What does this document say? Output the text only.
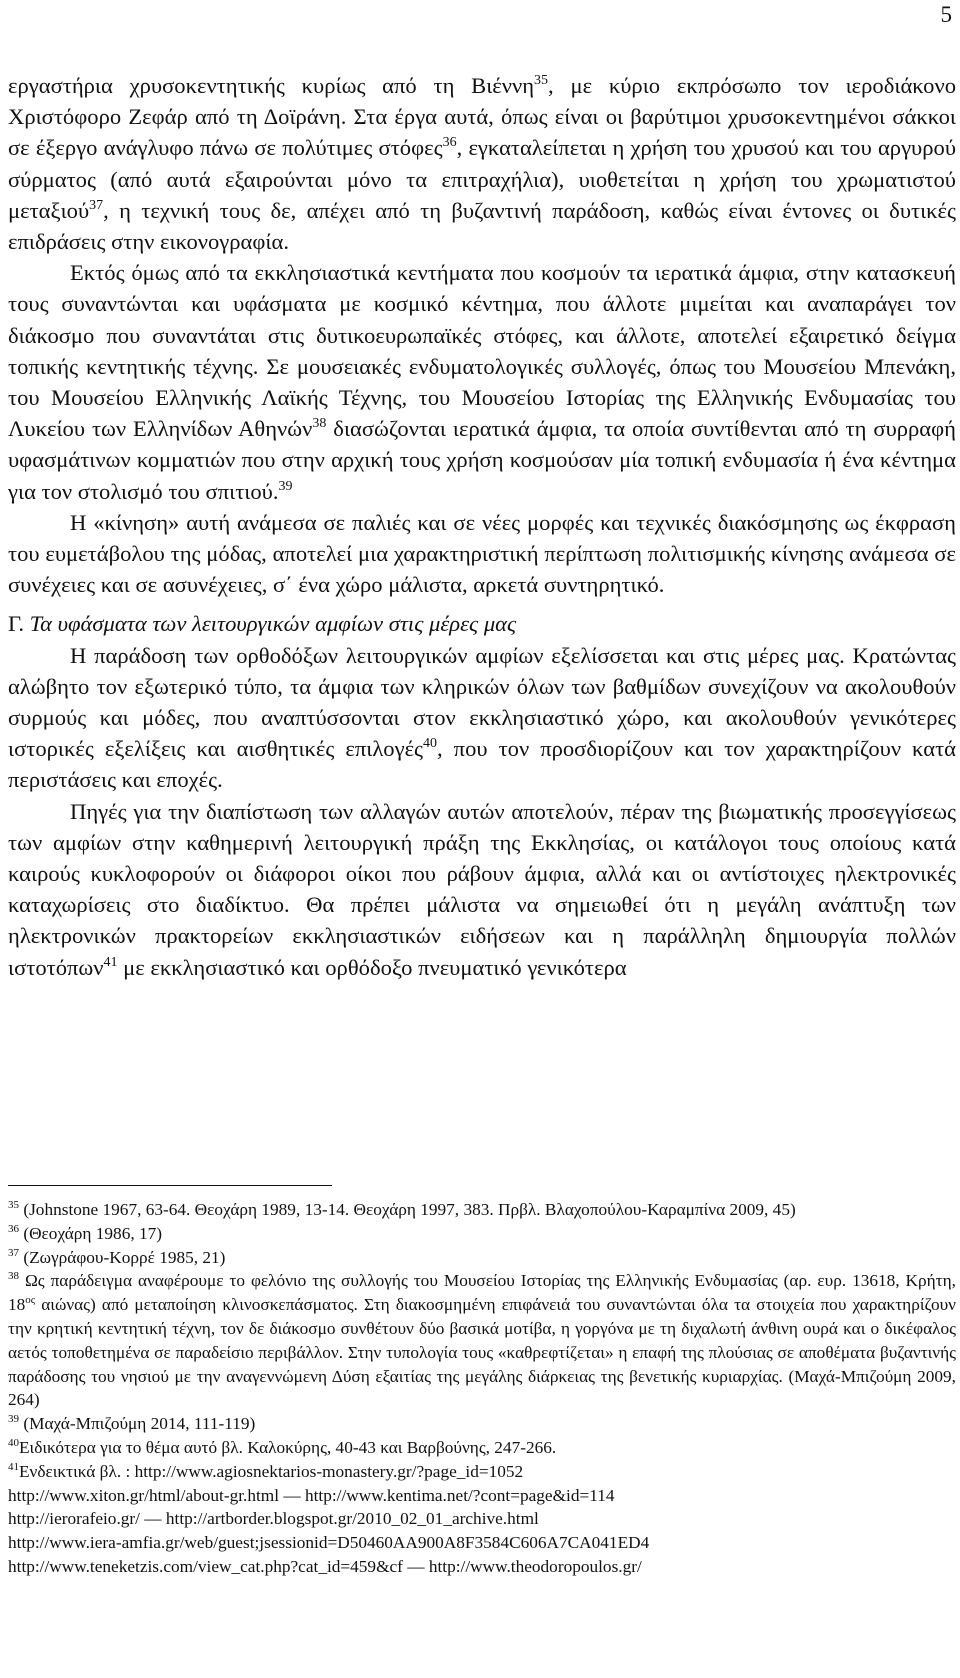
5

εργαστήρια χρυσοκεντητικής κυρίως από τη Βιέννη$^{35}$, με κύριο εκπρόσωπο τον ιεροδιάκονο Χριστόφορο Ζεφάρ από τη Δοϊράνη. Στα έργα αυτά, όπως είναι οι βαρύτιμοι χρυσοκεντημένοι σάκκοι σε έξεργο ανάγλυφο πάνω σε πολύτιμες στόφες$^{36}$, εγκαταλείπεται η χρήση του χρυσού και του αργυρού σύρματος (από αυτά εξαιρούνται μόνο τα επιτραχήλια), υιοθετείται η χρήση του χρωματιστού μεταξιού$^{37}$, η τεχνική τους δε, απέχει από τη βυζαντινή παράδοση, καθώς είναι έντονες οι δυτικές επιδράσεις στην εικονογραφία.

Εκτός όμως από τα εκκλησιαστικά κεντήματα που κοσμούν τα ιερατικά άμφια, στην κατασκευή τους συναντώνται και υφάσματα με κοσμικό κέντημα, που άλλοτε μιμείται και αναπαράγει τον διάκοσμο που συναντάται στις δυτικοευρωπαϊκές στόφες, και άλλοτε, αποτελεί εξαιρετικό δείγμα τοπικής κεντητικής τέχνης. Σε μουσειακές ενδυματολογικές συλλογές, όπως του Μουσείου Μπενάκη, του Μουσείου Ελληνικής Λαϊκής Τέχνης, του Μουσείου Ιστορίας της Ελληνικής Ενδυμασίας του Λυκείου των Ελληνίδων Αθηνών$^{38}$ διασώζονται ιερατικά άμφια, τα οποία συντίθενται από τη συρραφή υφασμάτινων κομματιών που στην αρχική τους χρήση κοσμούσαν μία τοπική ενδυμασία ή ένα κέντημα για τον στολισμό του σπιτιού.$^{39}$

Η «κίνηση» αυτή ανάμεσα σε παλιές και σε νέες μορφές και τεχνικές διακόσμησης ως έκφραση του ευμετάβολου της μόδας, αποτελεί μια χαρακτηριστική περίπτωση πολιτισμικής κίνησης ανάμεσα σε συνέχειες και σε ασυνέχειες, σ΄ ένα χώρο μάλιστα, αρκετά συντηρητικό.

Γ. Τα υφάσματα των λειτουργικών αμφίων στις μέρες μας

Η παράδοση των ορθοδόξων λειτουργικών αμφίων εξελίσσεται και στις μέρες μας. Κρατώντας αλώβητο τον εξωτερικό τύπο, τα άμφια των κληρικών όλων των βαθμίδων συνεχίζουν να ακολουθούν συρμούς και μόδες, που αναπτύσσονται στον εκκλησιαστικό χώρο, και ακολουθούν γενικότερες ιστορικές εξελίξεις και αισθητικές επιλογές$^{40}$, που τον προσδιορίζουν και τον χαρακτηρίζουν κατά περιστάσεις και εποχές.

Πηγές για την διαπίστωση των αλλαγών αυτών αποτελούν, πέραν της βιωματικής προσεγγίσεως των αμφίων στην καθημερινή λειτουργική πράξη της Εκκλησίας, οι κατάλογοι τους οποίους κατά καιρούς κυκλοφορούν οι διάφοροι οίκοι που ράβουν άμφια, αλλά και οι αντίστοιχες ηλεκτρονικές καταχωρίσεις στο διαδίκτυο. Θα πρέπει μάλιστα να σημειωθεί ότι η μεγάλη ανάπτυξη των ηλεκτρονικών πρακτορείων εκκλησιαστικών ειδήσεων και η παράλληλη δημιουργία πολλών ιστοτόπων$^{41}$ με εκκλησιαστικό και ορθόδοξο πνευματικό γενικότερα

$^{35}$ (Johnstone 1967, 63-64. Θεοχάρη 1989, 13-14. Θεοχάρη 1997, 383. Πρβλ. Βλαχοπούλου-Καραμπίνα 2009, 45)

$^{36}$ (Θεοχάρη 1986, 17)

$^{37}$ (Ζωγράφου-Κορρέ 1985, 21)

$^{38}$ Ως παράδειγμα αναφέρουμε το φελόνιο της συλλογής του Μουσείου Ιστορίας της Ελληνικής Ενδυμασίας (αρ. ευρ. 13618, Κρήτη, $18^{o\varsigma}$ αιώνας) από μεταποίηση κλινοσκεπάσματος. Στη διακοσμημένη επιφάνειά του συναντώνται όλα τα στοιχεία που χαρακτηρίζουν την κρητική κεντητική τέχνη, τον δε διάκοσμο συνθέτουν δύο βασικά μοτίβα, η γοργόνα με τη διχαλωτή άνθινη ουρά και ο δικέφαλος αετός τοποθετημένα σε παραδείσιο περιβάλλον. Στην τυπολογία τους «καθρεφτίζεται» η επαφή της πλούσιας σε αποθέματα βυζαντινής παράδοσης του νησιού με την αναγεννώμενη Δύση εξαιτίας της μεγάλης διάρκειας της βενετικής κυριαρχίας. (Μαχά-Μπιζούμη 2009, 264)

$^{39}$ (Μαχά-Μπιζούμη 2014, 111-119)

$^{40}$Ειδικότερα για το θέμα αυτό βλ. Καλοκύρης, 40-43 και Βαρβούνης, 247-266.

$^{41}$Ενδεικτικά βλ. : http://www.agiosnektarios-monastery.gr/?page_id=1052

http://www.xiton.gr/html/about-gr.html — http://www.kentima.net/?cont=page&id=114
http://ierorafeio.gr/ — http://artborder.blogspot.gr/2010_02_01_archive.html
http://www.iera-amfia.gr/web/guest;jsessionid=D50460AA900A8F3584C606A7CA041ED4
http://www.teneketzis.com/view_cat.php?cat_id=459&cf — http://www.theodoropoulos.gr/
